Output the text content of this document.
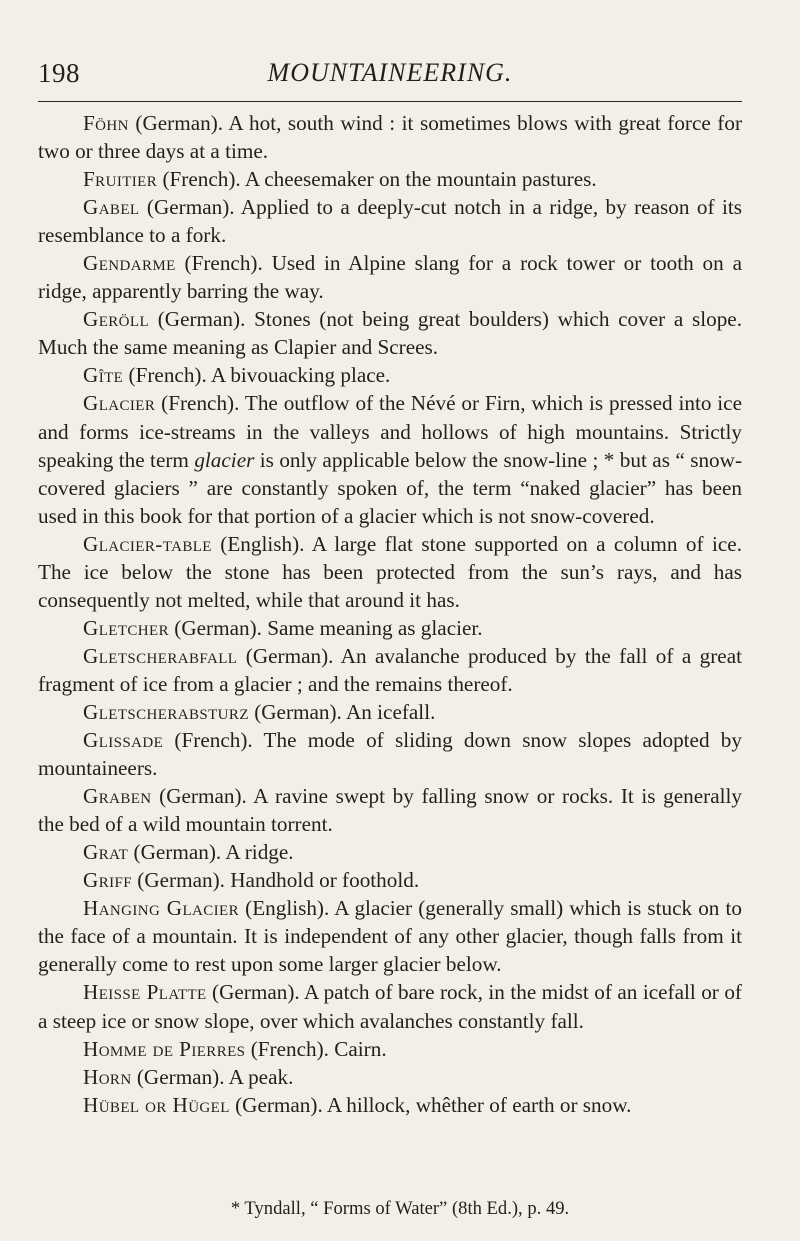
198	MOUNTAINEERING.

Föhn (German). A hot, south wind : it sometimes blows with great force for two or three days at a time.

Fruitier (French). A cheesemaker on the mountain pastures.

Gabel (German). Applied to a deeply-cut notch in a ridge, by reason of its resemblance to a fork.

Gendarme (French). Used in Alpine slang for a rock tower or tooth on a ridge, apparently barring the way.

Geröll (German). Stones (not being great boulders) which cover a slope. Much the same meaning as Clapier and Screes.

Gîte (French). A bivouacking place.

Glacier (French). The outflow of the Névé or Firn, which is pressed into ice and forms ice-streams in the valleys and hollows of high mountains. Strictly speaking the term glacier is only applicable below the snow-line ; * but as “ snow-covered glaciers ” are constantly spoken of, the term “naked glacier” has been used in this book for that portion of a glacier which is not snow-covered.

Glacier-table (English). A large flat stone supported on a column of ice. The ice below the stone has been protected from the sun’s rays, and has consequently not melted, while that around it has.

Gletcher (German). Same meaning as glacier.

Gletscherabfall (German). An avalanche produced by the fall of a great fragment of ice from a glacier ; and the remains thereof.

Gletscherabsturz (German). An icefall.

Glissade (French). The mode of sliding down snow slopes adopted by mountaineers.

Graben (German). A ravine swept by falling snow or rocks. It is generally the bed of a wild mountain torrent.

Grat (German). A ridge.

Griff (German). Handhold or foothold.

Hanging Glacier (English). A glacier (generally small) which is stuck on to the face of a mountain. It is independent of any other glacier, though falls from it generally come to rest upon some larger glacier below.

Heisse Platte (German). A patch of bare rock, in the midst of an icefall or of a steep ice or snow slope, over which avalanches constantly fall.

Homme de Pierres (French). Cairn.

Horn (German). A peak.

Hübel or Hügel (German). A hillock, whêther of earth or snow.

* Tyndall, “ Forms of Water” (8th Ed.), p. 49.
